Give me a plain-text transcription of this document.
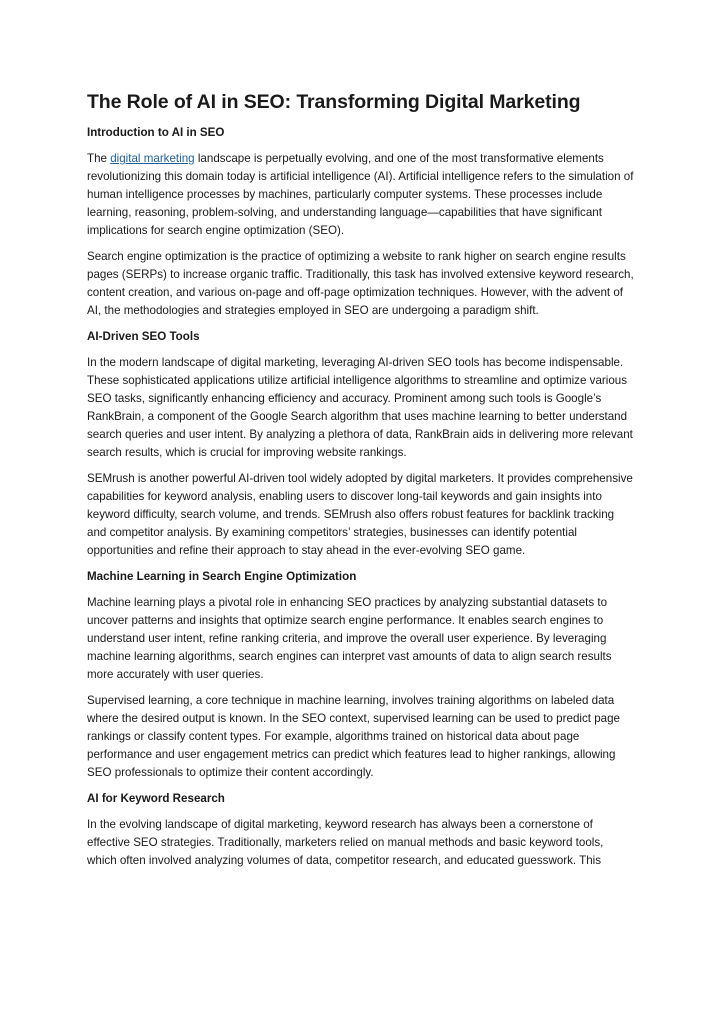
The Role of AI in SEO: Transforming Digital Marketing
Introduction to AI in SEO

The digital marketing landscape is perpetually evolving, and one of the most transformative elements revolutionizing this domain today is artificial intelligence (AI). Artificial intelligence refers to the simulation of human intelligence processes by machines, particularly computer systems. These processes include learning, reasoning, problem-solving, and understanding language—capabilities that have significant implications for search engine optimization (SEO).

Search engine optimization is the practice of optimizing a website to rank higher on search engine results pages (SERPs) to increase organic traffic. Traditionally, this task has involved extensive keyword research, content creation, and various on-page and off-page optimization techniques. However, with the advent of AI, the methodologies and strategies employed in SEO are undergoing a paradigm shift.

AI-Driven SEO Tools

In the modern landscape of digital marketing, leveraging AI-driven SEO tools has become indispensable. These sophisticated applications utilize artificial intelligence algorithms to streamline and optimize various SEO tasks, significantly enhancing efficiency and accuracy. Prominent among such tools is Google’s RankBrain, a component of the Google Search algorithm that uses machine learning to better understand search queries and user intent. By analyzing a plethora of data, RankBrain aids in delivering more relevant search results, which is crucial for improving website rankings.

SEMrush is another powerful AI-driven tool widely adopted by digital marketers. It provides comprehensive capabilities for keyword analysis, enabling users to discover long-tail keywords and gain insights into keyword difficulty, search volume, and trends. SEMrush also offers robust features for backlink tracking and competitor analysis. By examining competitors’ strategies, businesses can identify potential opportunities and refine their approach to stay ahead in the ever-evolving SEO game.

Machine Learning in Search Engine Optimization

Machine learning plays a pivotal role in enhancing SEO practices by analyzing substantial datasets to uncover patterns and insights that optimize search engine performance. It enables search engines to understand user intent, refine ranking criteria, and improve the overall user experience. By leveraging machine learning algorithms, search engines can interpret vast amounts of data to align search results more accurately with user queries.

Supervised learning, a core technique in machine learning, involves training algorithms on labeled data where the desired output is known. In the SEO context, supervised learning can be used to predict page rankings or classify content types. For example, algorithms trained on historical data about page performance and user engagement metrics can predict which features lead to higher rankings, allowing SEO professionals to optimize their content accordingly.

AI for Keyword Research

In the evolving landscape of digital marketing, keyword research has always been a cornerstone of effective SEO strategies. Traditionally, marketers relied on manual methods and basic keyword tools, which often involved analyzing volumes of data, competitor research, and educated guesswork. This
